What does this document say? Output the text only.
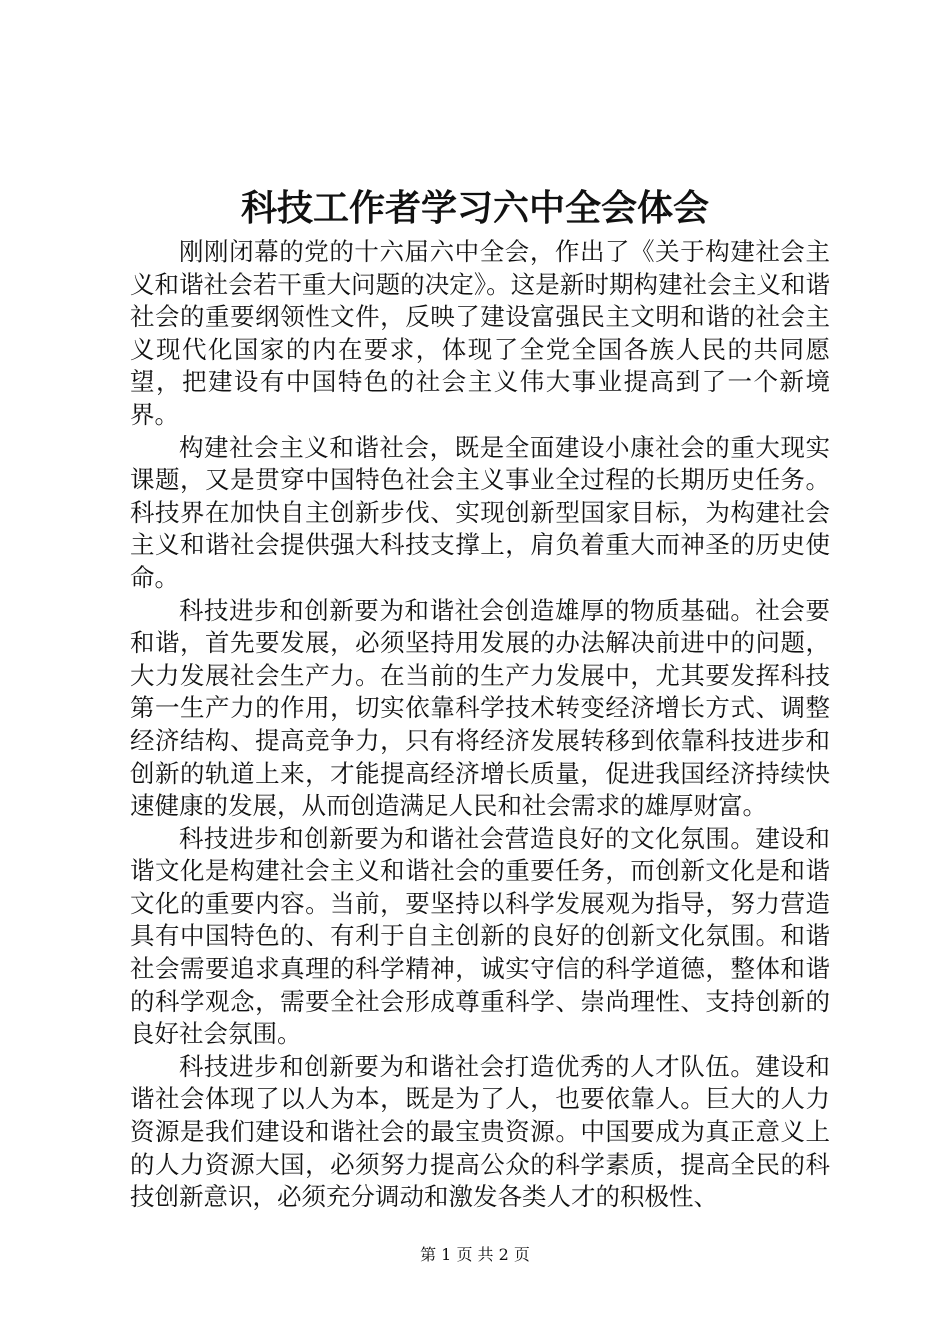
科技工作者学习六中全会体会

刚刚闭幕的党的十六届六中全会，作出了《关于构建社会主义和谐社会若干重大问题的决定》。这是新时期构建社会主义和谐社会的重要纲领性文件，反映了建设富强民主文明和谐的社会主义现代化国家的内在要求，体现了全党全国各族人民的共同愿望，把建设有中国特色的社会主义伟大事业提高到了一个新境界。

构建社会主义和谐社会，既是全面建设小康社会的重大现实课题，又是贯穿中国特色社会主义事业全过程的长期历史任务。科技界在加快自主创新步伐、实现创新型国家目标，为构建社会主义和谐社会提供强大科技支撑上，肩负着重大而神圣的历史使命。

科技进步和创新要为和谐社会创造雄厚的物质基础。社会要和谐，首先要发展，必须坚持用发展的办法解决前进中的问题，大力发展社会生产力。在当前的生产力发展中，尤其要发挥科技第一生产力的作用，切实依靠科学技术转变经济增长方式、调整经济结构、提高竞争力，只有将经济发展转移到依靠科技进步和创新的轨道上来，才能提高经济增长质量，促进我国经济持续快速健康的发展，从而创造满足人民和社会需求的雄厚财富。

科技进步和创新要为和谐社会营造良好的文化氛围。建设和谐文化是构建社会主义和谐社会的重要任务，而创新文化是和谐文化的重要内容。当前，要坚持以科学发展观为指导，努力营造具有中国特色的、有利于自主创新的良好的创新文化氛围。和谐社会需要追求真理的科学精神，诚实守信的科学道德，整体和谐的科学观念，需要全社会形成尊重科学、崇尚理性、支持创新的良好社会氛围。

科技进步和创新要为和谐社会打造优秀的人才队伍。建设和谐社会体现了以人为本，既是为了人，也要依靠人。巨大的人力资源是我们建设和谐社会的最宝贵资源。中国要成为真正意义上的人力资源大国，必须努力提高公众的科学素质，提高全民的科技创新意识，必须充分调动和激发各类人才的积极性、

第 1 页 共 2 页
